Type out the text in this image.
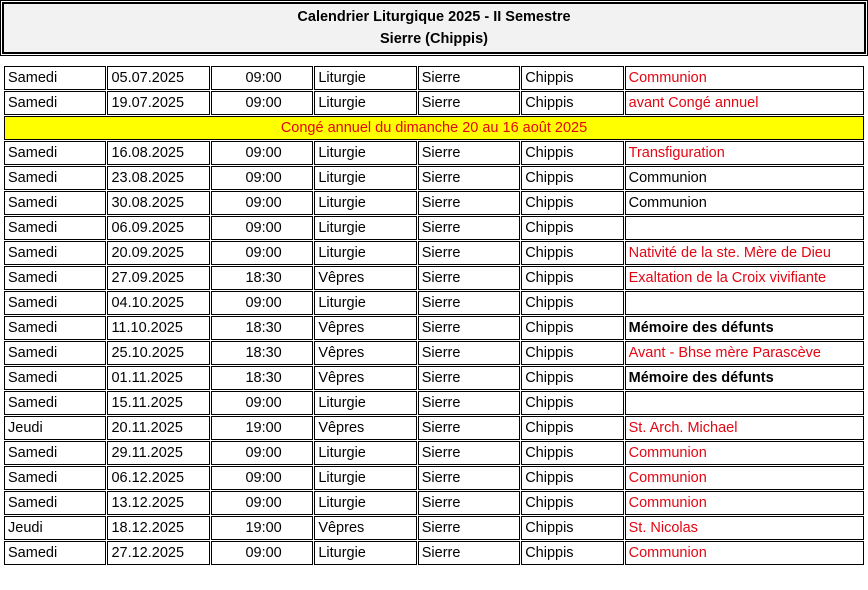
Calendrier Liturgique 2025 - II Semestre
Sierre (Chippis)
Samedi	05.07.2025	09:00	Liturgie	Sierre	Chippis	Communion
Samedi	19.07.2025	09:00	Liturgie	Sierre	Chippis	avant Congé annuel
Congé annuel du dimanche 20 au 16 août 2025						
Samedi	16.08.2025	09:00	Liturgie	Sierre	Chippis	Transfiguration
Samedi	23.08.2025	09:00	Liturgie	Sierre	Chippis	Communion
Samedi	30.08.2025	09:00	Liturgie	Sierre	Chippis	Communion
Samedi	06.09.2025	09:00	Liturgie	Sierre	Chippis	
Samedi	20.09.2025	09:00	Liturgie	Sierre	Chippis	Nativité de la ste. Mère de Dieu
Samedi	27.09.2025	18:30	Vêpres	Sierre	Chippis	Exaltation de la Croix vivifiante
Samedi	04.10.2025	09:00	Liturgie	Sierre	Chippis	
Samedi	11.10.2025	18:30	Vêpres	Sierre	Chippis	Mémoire des défunts
Samedi	25.10.2025	18:30	Vêpres	Sierre	Chippis	Avant - Bhse mère Parascève
Samedi	01.11.2025	18:30	Vêpres	Sierre	Chippis	Mémoire des défunts
Samedi	15.11.2025	09:00	Liturgie	Sierre	Chippis	
Jeudi	20.11.2025	19:00	Vêpres	Sierre	Chippis	St. Arch. Michael
Samedi	29.11.2025	09:00	Liturgie	Sierre	Chippis	Communion
Samedi	06.12.2025	09:00	Liturgie	Sierre	Chippis	Communion
Samedi	13.12.2025	09:00	Liturgie	Sierre	Chippis	Communion
Jeudi	18.12.2025	19:00	Vêpres	Sierre	Chippis	St. Nicolas
Samedi	27.12.2025	09:00	Liturgie	Sierre	Chippis	Communion
